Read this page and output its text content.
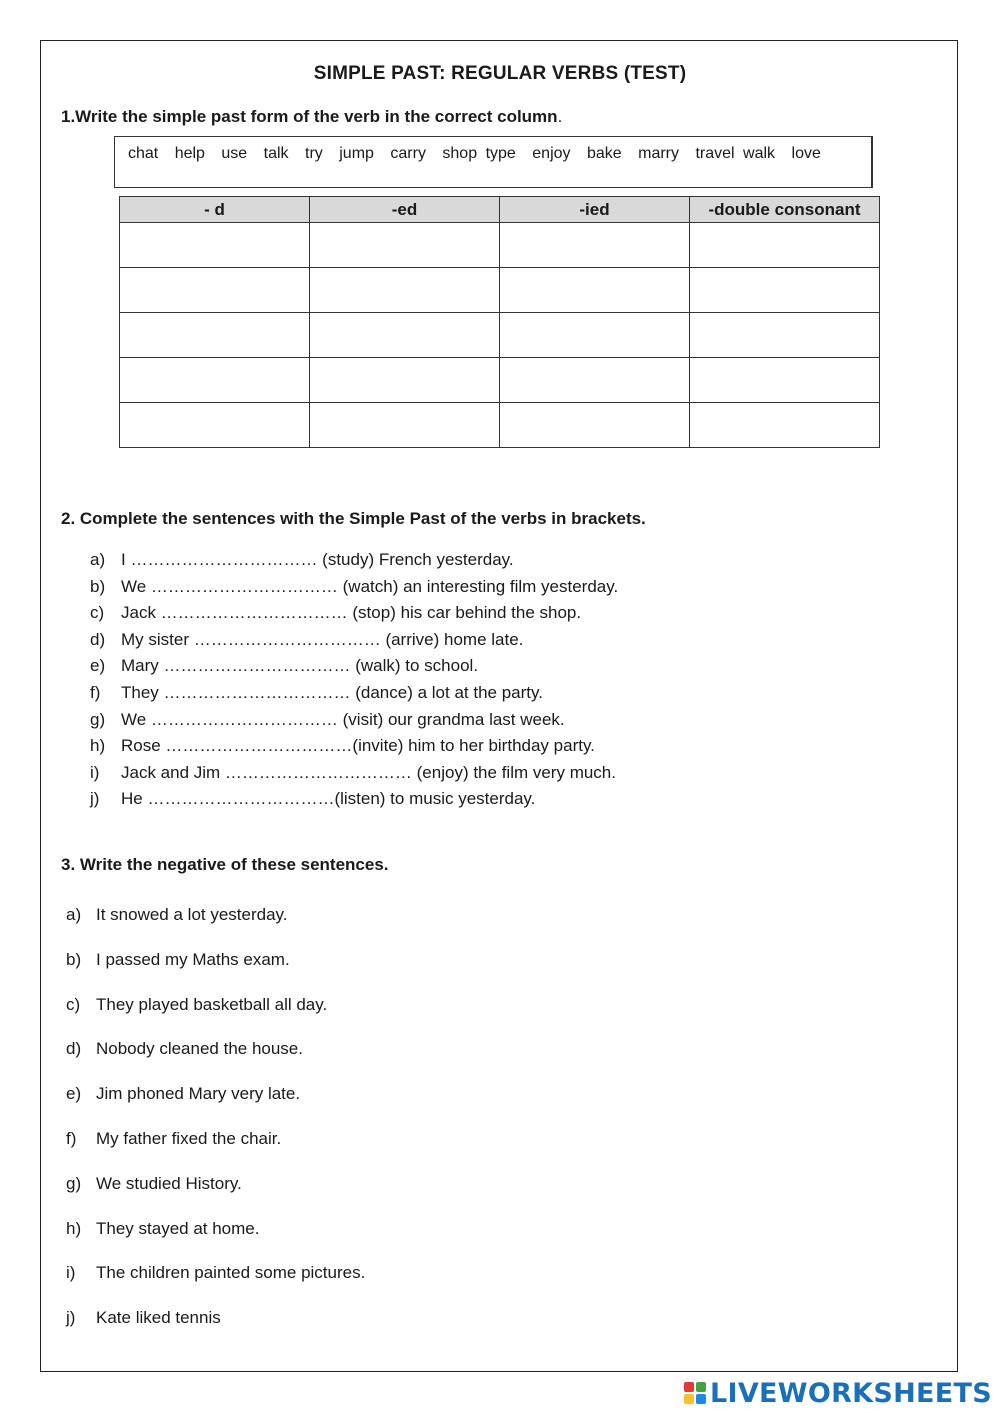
SIMPLE PAST: REGULAR VERBS (TEST)
1.Write the simple past form of the verb in the correct column.
chat help use talk try jump carry shop type enjoy bake marry travel walk love
- d	-ed	-ied	-double consonant

2. Complete the sentences with the Simple Past of the verbs in brackets.
a) I …………………………… (study) French yesterday.
b) We …………………………… (watch) an interesting film yesterday.
c) Jack …………………………… (stop) his car behind the shop.
d) My sister …………………………… (arrive) home late.
e) Mary …………………………… (walk) to school.
f) They …………………………… (dance) a lot at the party.
g) We …………………………… (visit) our grandma last week.
h) Rose ……………………………(invite) him to her birthday party.
i) Jack and Jim …………………………… (enjoy) the film very much.
j) He ……………………………(listen) to music yesterday.
3. Write the negative of these sentences.
a) It snowed a lot yesterday.
b) I passed my Maths exam.
c) They played basketball all day.
d) Nobody cleaned the house.
e) Jim phoned Mary very late.
f) My father fixed the chair.
g) We studied History.
h) They stayed at home.
i) The children painted some pictures.
j) Kate liked tennis
LIVEWORKSHEETS
